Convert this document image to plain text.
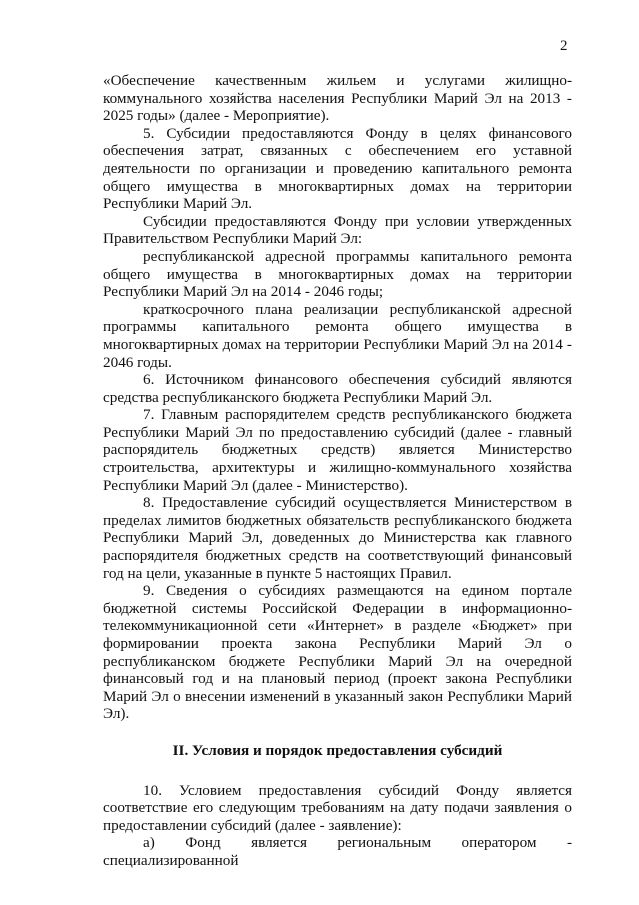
2

«Обеспечение качественным жильем и услугами жилищно-коммунального хозяйства населения Республики Марий Эл на 2013 - 2025 годы» (далее - Мероприятие).

5. Субсидии предоставляются Фонду в целях финансового обеспечения затрат, связанных с обеспечением его уставной деятельности по организации и проведению капитального ремонта общего имущества в многоквартирных домах на территории Республики Марий Эл.

Субсидии предоставляются Фонду при условии утвержденных Правительством Республики Марий Эл:

республиканской адресной программы капитального ремонта общего имущества в многоквартирных домах на территории Республики Марий Эл на 2014 - 2046 годы;

краткосрочного плана реализации республиканской адресной программы капитального ремонта общего имущества в многоквартирных домах на территории Республики Марий Эл на 2014 - 2046 годы.

6. Источником финансового обеспечения субсидий являются средства республиканского бюджета Республики Марий Эл.

7. Главным распорядителем средств республиканского бюджета Республики Марий Эл по предоставлению субсидий (далее - главный распорядитель бюджетных средств) является Министерство строительства, архитектуры и жилищно-коммунального хозяйства Республики Марий Эл (далее - Министерство).

8. Предоставление субсидий осуществляется Министерством в пределах лимитов бюджетных обязательств республиканского бюджета Республики Марий Эл, доведенных до Министерства как главного распорядителя бюджетных средств на соответствующий финансовый год на цели, указанные в пункте 5 настоящих Правил.

9. Сведения о субсидиях размещаются на едином портале бюджетной системы Российской Федерации в информационно-телекоммуникационной сети «Интернет» в разделе «Бюджет» при формировании проекта закона Республики Марий Эл о республиканском бюджете Республики Марий Эл на очередной финансовый год и на плановый период (проект закона Республики Марий Эл о внесении изменений в указанный закон Республики Марий Эл).

II. Условия и порядок предоставления субсидий

10. Условием предоставления субсидий Фонду является соответствие его следующим требованиям на дату подачи заявления о предоставлении субсидий (далее - заявление):

а) Фонд является региональным оператором - специализированной
